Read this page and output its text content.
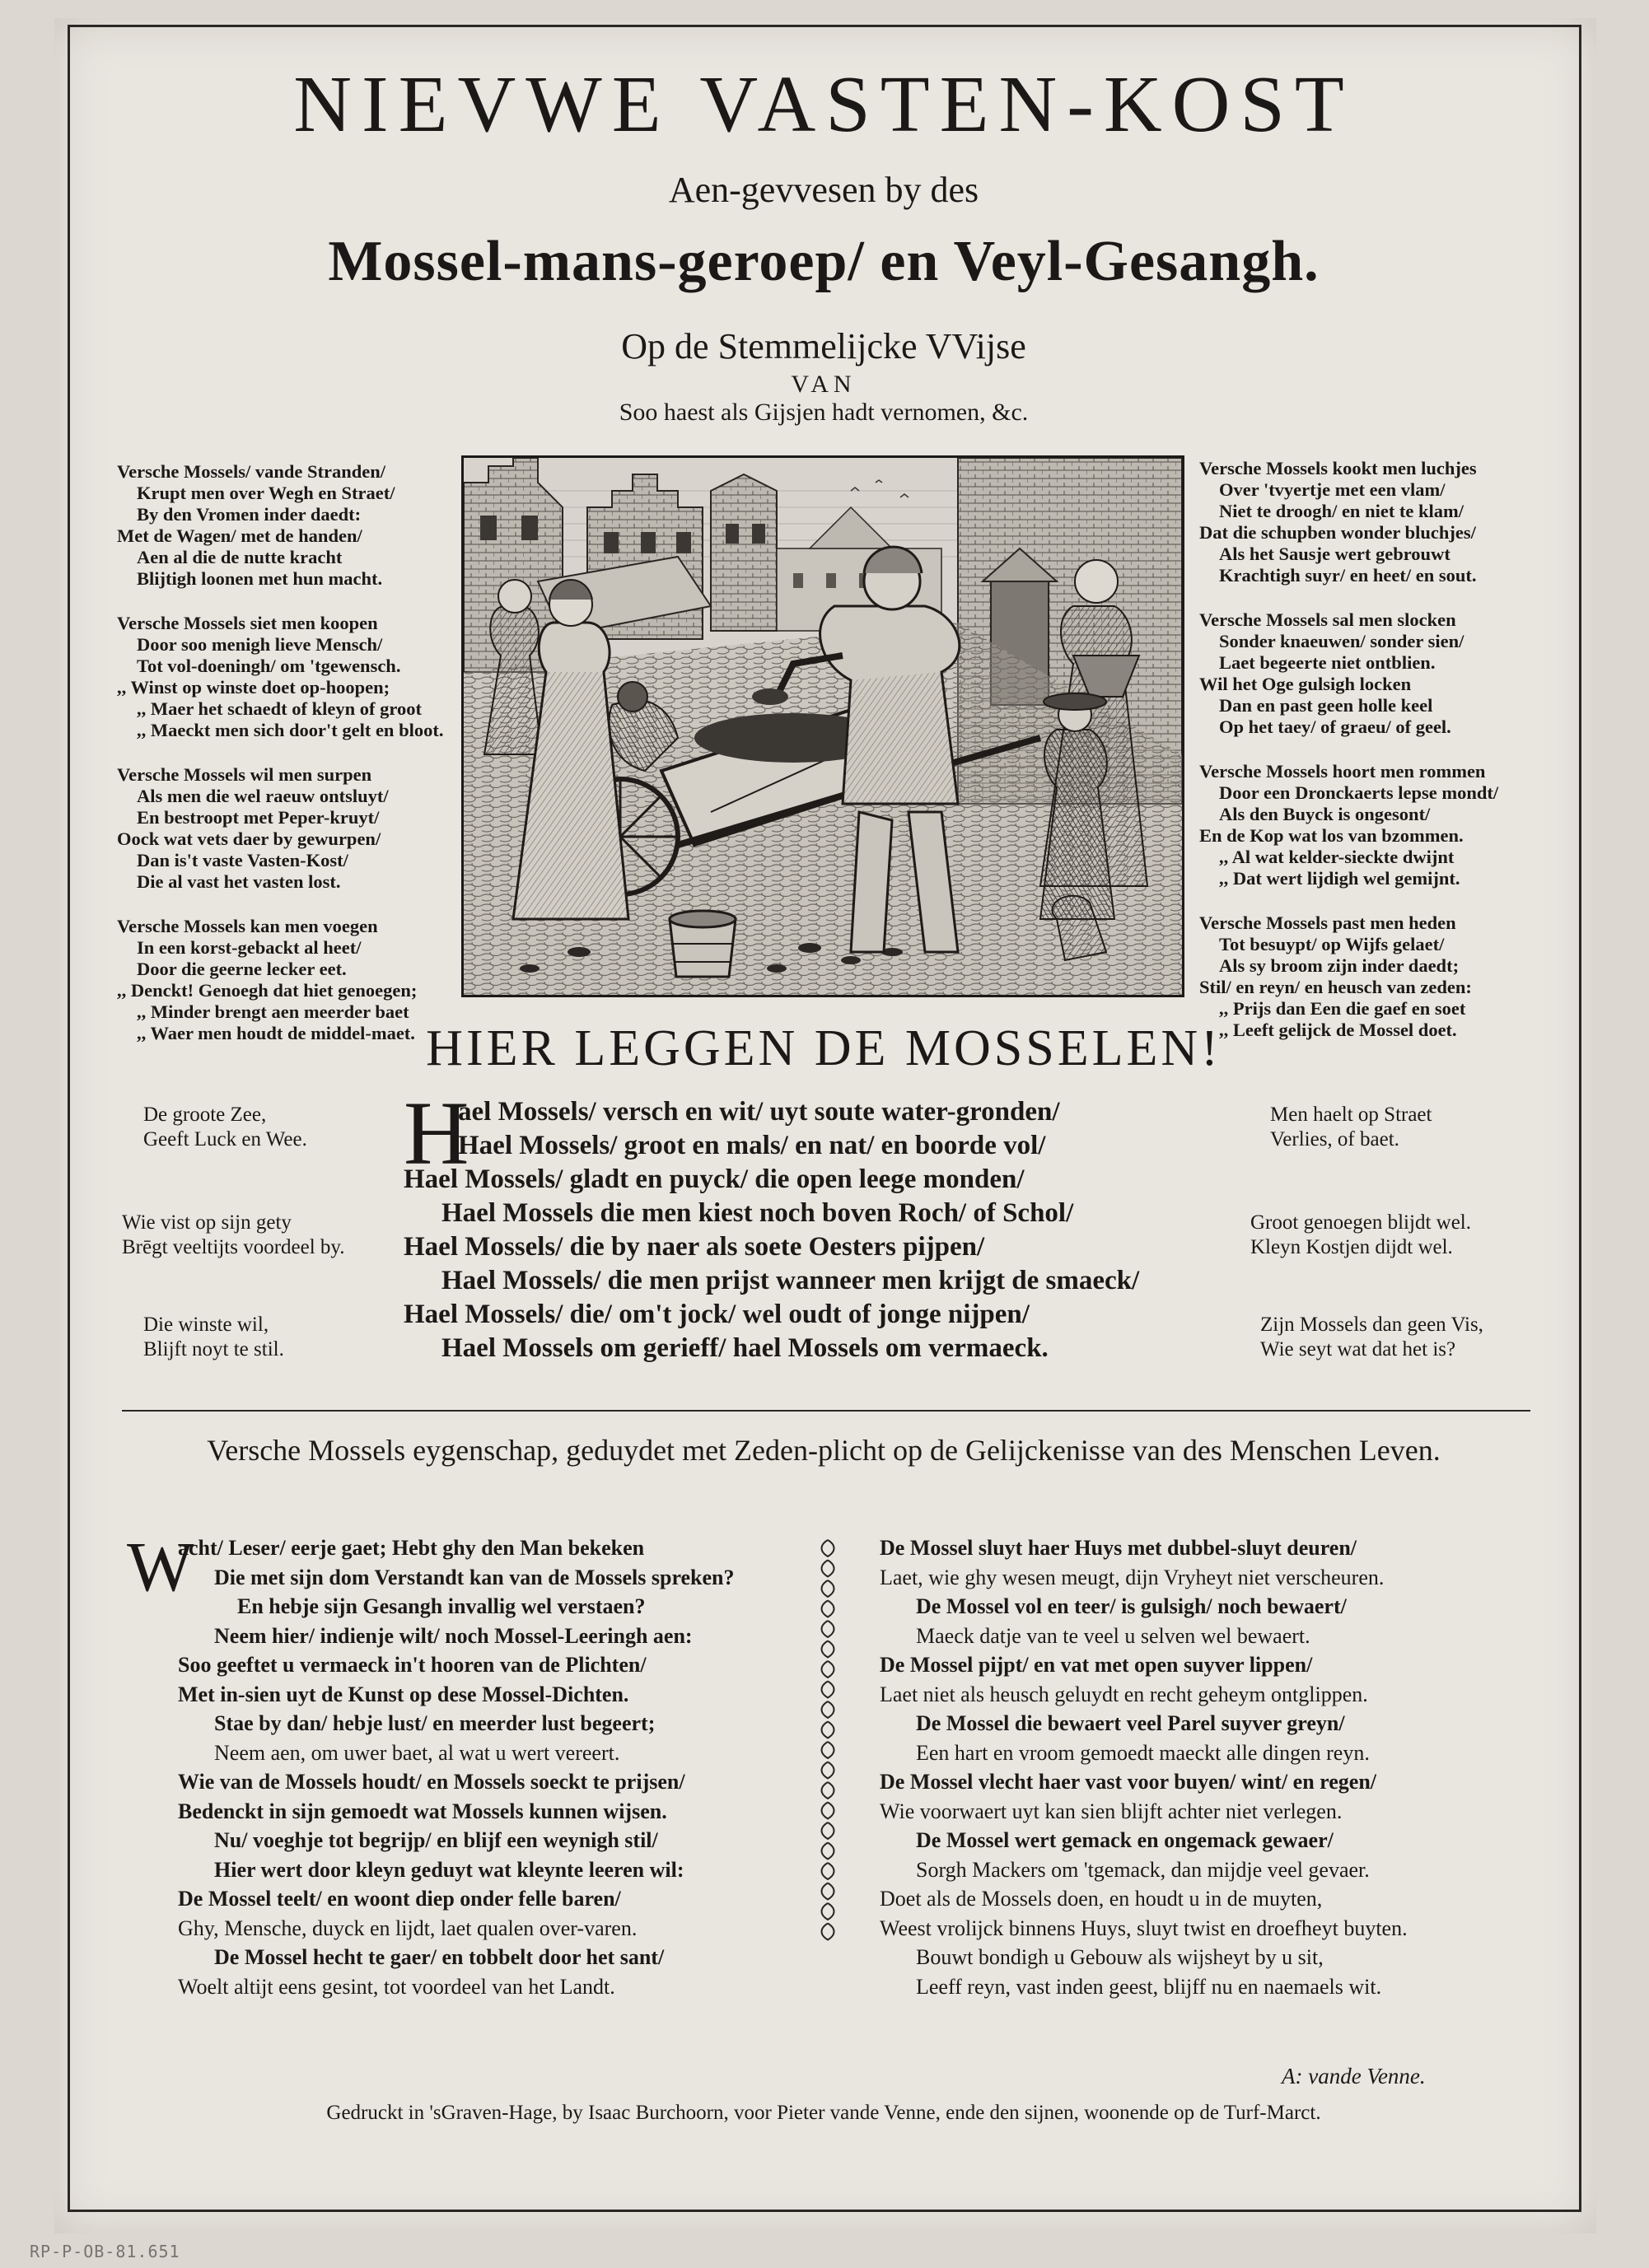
NIEVWE VASTEN-KOST
Aen-gevvesen by des
Mossel-mans-geroep/ en Veyl-Gesangh.
Op de Stemmelijcke VVijse
VAN
Soo haest als Gijsjen hadt vernomen, &c.
Versche Mossels/ vande Stranden/
Krupt men over Wegh en Straet/
By den Vromen inder daedt:
Met de Wagen/ met de handen/
Aen al die de nutte kracht
Blijtigh loonen met hun macht.
Versche Mossels siet men koopen
Door soo menigh lieve Mensch/
Tot vol-doeningh/ om 'tgewensch.
,, Winst op winste doet op-hoopen;
,, Maer het schaedt of kleyn of groot
,, Maeckt men sich door't gelt en bloot.
Versche Mossels wil men surpen
Als men die wel raeuw ontsluyt/
En bestroopt met Peper-kruyt/
Oock wat vets daer by gewurpen/
Dan is't vaste Vasten-Kost/
Die al vast het vasten lost.
Versche Mossels kan men voegen
In een korst-gebackt al heet/
Door die geerne lecker eet.
,, Denckt! Genoegh dat hiet genoegen;
,, Minder brengt aen meerder baet
,, Waer men houdt de middel-maet.
Versche Mossels kookt men luchjes
Over 'tvyertje met een vlam/
Niet te droogh/ en niet te klam/
Dat die schupben wonder bluchjes/
Als het Sausje wert gebrouwt
Krachtigh suyr/ en heet/ en sout.
Versche Mossels sal men slocken
Sonder knaeuwen/ sonder sien/
Laet begeerte niet ontblien.
Wil het Oge gulsigh locken
Dan en past geen holle keel
Op het taey/ of graeu/ of geel.
Versche Mossels hoort men rommen
Door een Dronckaerts lepse mondt/
Als den Buyck is ongesont/
En de Kop wat los van bzommen.
,, Al wat kelder-sieckte dwijnt
,, Dat wert lijdigh wel gemijnt.
Versche Mossels past men heden
Tot besuypt/ op Wijfs gelaet/
Als sy broom zijn inder daedt;
Stil/ en reyn/ en heusch van zeden:
,, Prijs dan Een die gaef en soet
,, Leeft gelijck de Mossel doet.
HIER LEGGEN DE MOSSELEN!
De groote Zee,
Geeft Luck en Wee.
Wie vist op sijn gety
Brēgt veeltijts voordeel by.
Die winste wil,
Blijft noyt te stil.
Men haelt op Straet
Verlies, of baet.
Groot genoegen blijdt wel.
Kleyn Kostjen dijdt wel.
Zijn Mossels dan geen Vis,
Wie seyt wat dat het is?
H
ael Mossels/ versch en wit/ uyt soute water-gronden/
Hael Mossels/ groot en mals/ en nat/ en boorde vol/
Hael Mossels/ gladt en puyck/ die open leege monden/
Hael Mossels die men kiest noch boven Roch/ of Schol/
Hael Mossels/ die by naer als soete Oesters pijpen/
Hael Mossels/ die men prijst wanneer men krijgt de smaeck/
Hael Mossels/ die/ om't jock/ wel oudt of jonge nijpen/
Hael Mossels om gerieff/ hael Mossels om vermaeck.
Versche Mossels eygenschap, geduydet met Zeden-plicht op de Gelijckenisse van des Menschen Leven.
W
acht/ Leser/ eerje gaet; Hebt ghy den Man bekeken
Die met sijn dom Verstandt kan van de Mossels spreken?
En hebje sijn Gesangh invallig wel verstaen?
Neem hier/ indienje wilt/ noch Mossel-Leeringh aen:
Soo geeftet u vermaeck in't hooren van de Plichten/
Met in-sien uyt de Kunst op dese Mossel-Dichten.
Stae by dan/ hebje lust/ en meerder lust begeert;
Neem aen, om uwer baet, al wat u wert vereert.
Wie van de Mossels houdt/ en Mossels soeckt te prijsen/
Bedenckt in sijn gemoedt wat Mossels kunnen wijsen.
Nu/ voeghje tot begrijp/ en blijf een weynigh stil/
Hier wert door kleyn geduyt wat kleynte leeren wil:
De Mossel teelt/ en woont diep onder felle baren/
Ghy, Mensche, duyck en lijdt, laet qualen over-varen.
De Mossel hecht te gaer/ en tobbelt door het sant/
Woelt altijt eens gesint, tot voordeel van het Landt.
De Mossel sluyt haer Huys met dubbel-sluyt deuren/
Laet, wie ghy wesen meugt, dijn Vryheyt niet verscheuren.
De Mossel vol en teer/ is gulsigh/ noch bewaert/
Maeck datje van te veel u selven wel bewaert.
De Mossel pijpt/ en vat met open suyver lippen/
Laet niet als heusch geluydt en recht geheym ontglippen.
De Mossel die bewaert veel Parel suyver greyn/
Een hart en vroom gemoedt maeckt alle dingen reyn.
De Mossel vlecht haer vast voor buyen/ wint/ en regen/
Wie voorwaert uyt kan sien blijft achter niet verlegen.
De Mossel wert gemack en ongemack gewaer/
Sorgh Mackers om 'tgemack, dan mijdje veel gevaer.
Doet als de Mossels doen, en houdt u in de muyten,
Weest vrolijck binnens Huys, sluyt twist en droefheyt buyten.
Bouwt bondigh u Gebouw als wijsheyt by u sit,
Leeff reyn, vast inden geest, blijff nu en naemaels wit.
A: vande Venne.
Gedruckt in 'sGraven-Hage, by Isaac Burchoorn, voor Pieter vande Venne, ende den sijnen, woonende op de Turf-Marct.
RP-P-OB-81.651
